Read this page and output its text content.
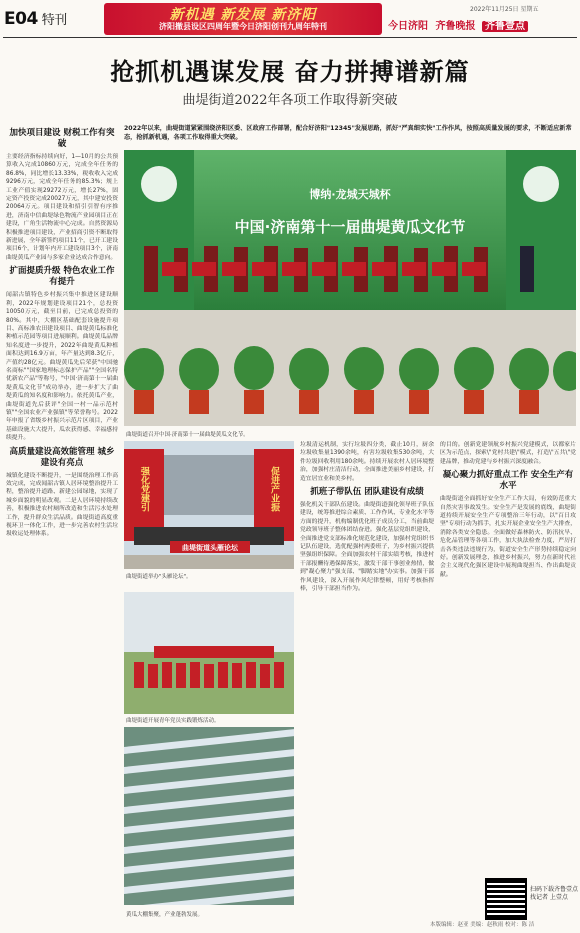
E04 特刊	新机遇 新发展 新济阳
济阳撤县设区四周年暨今日济阳创刊九周年特刊
2022年11月25日 星期五
今日济阳 齐鲁晚报 齐鲁壹点
抢抓机遇谋发展 奋力拼搏谱新篇
曲堤街道2022年各项工作取得新突破
2022年以来，曲堤街道紧紧围绕济阳区委、区政府工作部署，配合好济阳"12345"发展思路，抓好"严真细实快"工作作风，按照高质量发展的要求，不断适应新常态，抢抓新机遇，各项工作取得重大突破。
加快项目建设 财税工作有突破
主要经济指标持续向好，1—10月的公共预算收入完成10860万元，完成全年任务的86.8%，同比增长13.33%，税收收入完成9296万元，完成全年任务的85.3%；规上工业产值实现29272万元，增长27%，固定资产投资完成20027万元，其中建安投资20064万元。项目建设和招引引智有序推进，济南中信曲堤绿色物流产业园项目正在建设，广角生活物流中心完成。自然资源局积极推进项目建设，产业招商引资不断取得新进展，全年新签约项目11个，已开工建设项目6个，计划年内开工建设项目3个，济南曲堤黄瓜产业园与多家企业达成合作意向。
扩面提质升级 特色农业工作有提升
闻韶古镇特色乡村振兴集中推进区建设顺利，2022年规划建设项目21个，总投资10050万元，截至目前，已完成总投资的80%。其中，大棚区基础配套设施提升项目、高标准农田建设项目、曲堤黄瓜标准化种植示范园等项目进展顺利。曲堤黄瓜品牌知名度进一步提升，2022年曲堤黄瓜种植面积达到16.9万亩，年产量达到8.3亿斤，产值约28亿元。曲堤黄瓜先后荣获"中国驰名商标""国家地理标志保护产品""全国名特优新农产品"等称号，"中国·济南第十一届曲堤黄瓜文化节"成功举办，进一步扩大了曲堤黄瓜的知名度和影响力。依托黄瓜产业，曲堤街道先后获评"全国一村一品示范村镇""全国农业产业强镇"等荣誉称号。2022年申报了省级乡村振兴示范片区项目，产业基础设施大大提升，瓜农获得感、幸福感持续提升。
高质量建设高效能管理 城乡建设有亮点
城镇化建设不断提升，一是围绕治理工作高效完成，完成闻韶古镇人居环境整治提升工程，整治提升道路、新建公园绿地，实现了城乡面貌的明显改观。二是人居环境持续改善，积极推进农村厕所改造和生活污水处理工作，提升群众生活品质。曲堤街道高度重视环卫一体化工作，进一步完善农村生活垃圾收运处理体系。
博纳·龙城天城杯
中国·济南第十一届曲堤黄瓜文化节
曲堤街道召开中国·济南第十一届曲堤黄瓜文化节。
强化党建引	促进产业振
曲堤街道头雁论坛
曲堤街道举办"头雁论坛"。
曲堤街道开展青年党员实践锻炼活动。
黄瓜大棚集聚，产业蓬勃发展。
垃圾清运机制，实行垃圾四分类，截止10月，厨余垃圾收集量1390余吨，有害垃圾收集530余吨，大件垃圾回收利用180余吨。持续开展农村人居环境整治，加强村庄清洁行动，全面推进美丽乡村建设，打造宜居宜业和美乡村。
抓班子带队伍 团队建设有成绩
强化机关干部队伍建设。曲堤街道强化领导班子队伍建设，统筹推进综合素质、工作作风、专业化水平等方面的提升，机构编制优化班子成员分工，当前曲堤党政领导班子整体团结奋进。强化基层党组织建设，全面推进党支部标准化规范化建设，加强村党组织书记队伍建设，选优配强村两委班子，为乡村振兴提供坚强组织保障。全面加强农村干部实绩考核，推进村干部报酬待遇保障落实，激发干部干事创业热情，做到"凝心聚力"强支部、"脚踏实地"办实事。加强干部作风建设，深入开展作风纪律整顿，用好考核指挥棒，引导干部担当作为。
的目的。创新党建领航乡村振兴党建模式，以都家片区为示范点，探索\"党村共建\"模式，打造\"五共\"党建品牌，推动党建与乡村振兴深度融合。
凝心聚力抓好重点工作 安全生产有水平
曲堤街道全面抓好安全生产工作大局，有效防范重大自然灾害事故发生。安全生产是发展的底线，曲堤街道持续开展安全生产专项整治三年行动，以"百日攻坚"专项行动为抓手，扎实开展企业安全生产大排查，消除各类安全隐患。全面做好森林防火、防汛抗旱、危化品管理等各项工作，加大执法检查力度，严厉打击各类违法违规行为，街道安全生产形势持续稳定向好。创新发展理念，推进乡村振兴，努力在新时代社会主义现代化强区建设中展现曲堤担当、作出曲堤贡献。
扫码下载齐鲁壹点 找记者 上壹点
本版编辑：赵亚 美编：赵秋雨 校对：陈 洁
